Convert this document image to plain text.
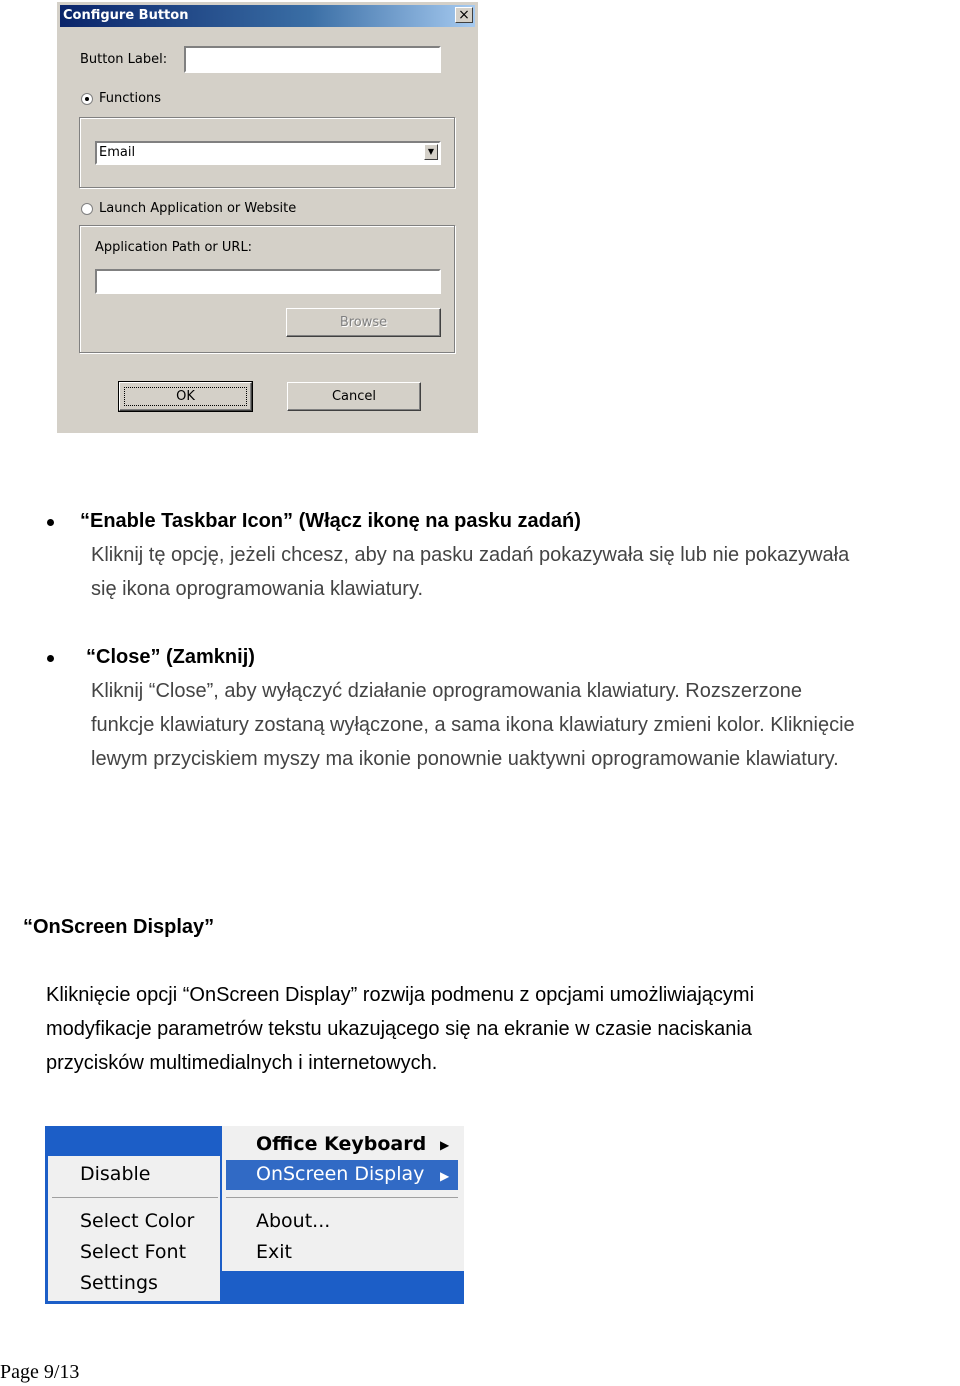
Configure Button	×
Button Label:
Functions
Email	▼
Launch Application or Website
Application Path or URL:
Browse
OK	Cancel
“Enable Taskbar Icon” (Włącz ikonę na pasku zadań)
Kliknij tę opcję, jeżeli chcesz, aby na pasku zadań pokazywała się lub nie pokazywała
się ikona oprogramowania klawiatury.
“Close” (Zamknij)
Kliknij “Close”, aby wyłączyć działanie oprogramowania klawiatury. Rozszerzone
funkcje klawiatury zostaną wyłączone, a sama ikona klawiatury zmieni kolor. Kliknięcie
lewym przyciskiem myszy ma ikonie ponownie uaktywni oprogramowanie klawiatury.
“OnScreen Display”
Kliknięcie opcji “OnScreen Display” rozwija podmenu z opcjami umożliwiającymi
modyfikacje parametrów tekstu ukazującego się na ekranie w czasie naciskania
przycisków multimedialnych i internetowych.
Disable
Select Color
Select Font
Settings
Office Keyboard ▶
OnScreen Display ▶
About...
Exit
Page 9/13
